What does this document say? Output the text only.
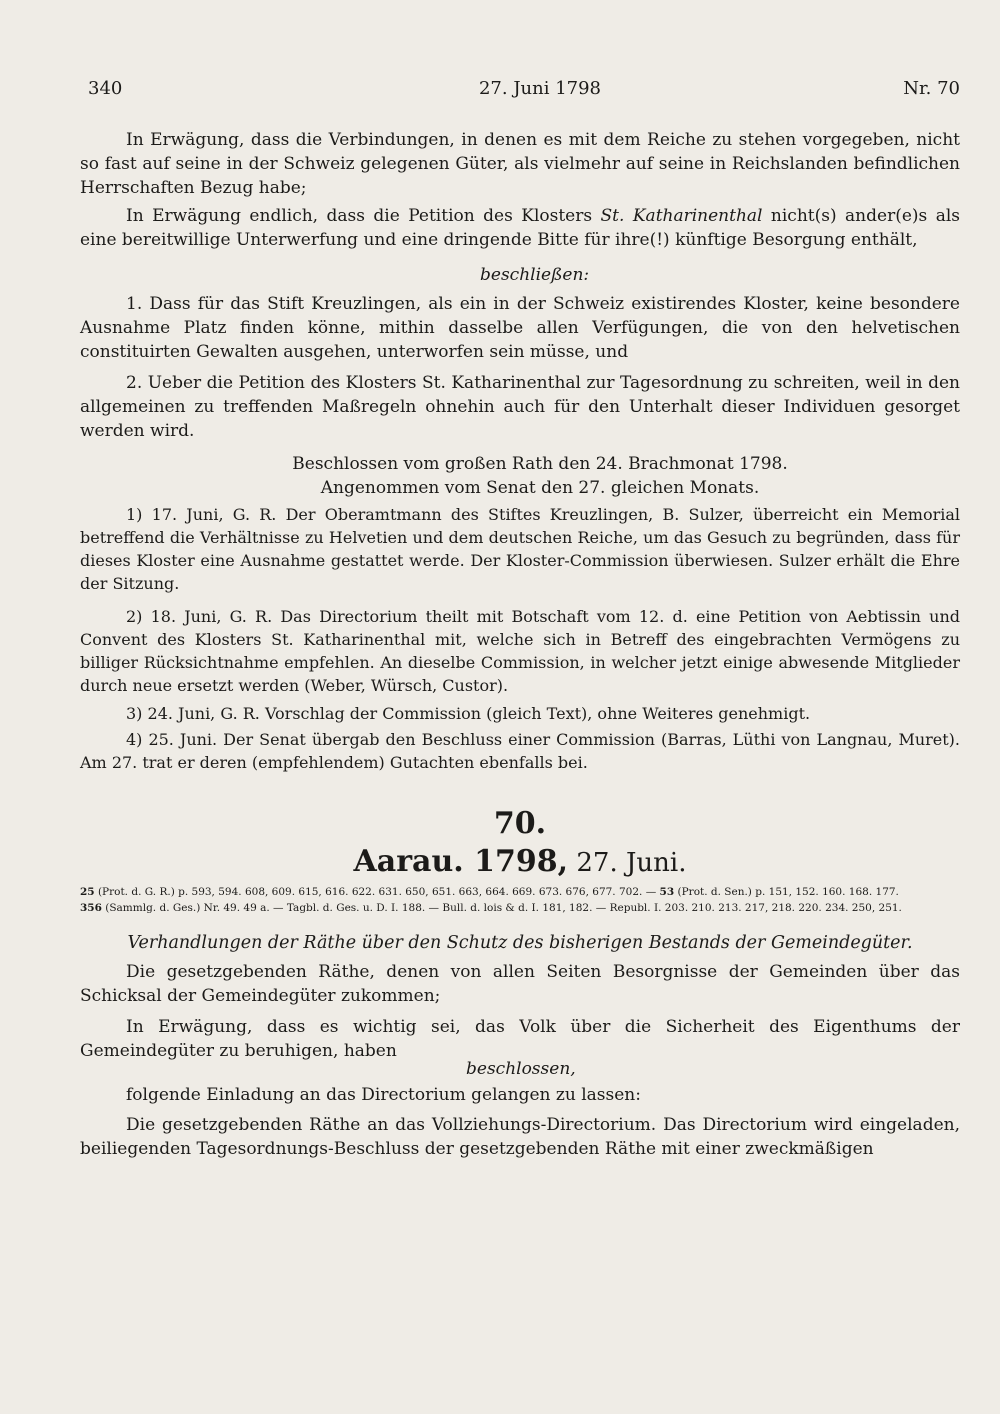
340	27. Juni 1798	Nr. 70
In Erwägung, dass die Verbindungen, in denen es mit dem Reiche zu stehen vorgegeben, nicht so fast auf seine in der Schweiz gelegenen Güter, als vielmehr auf seine in Reichslanden befindlichen Herrschaften Bezug habe;
In Erwägung endlich, dass die Petition des Klosters St. Katharinenthal nicht(s) ander(e)s als eine bereitwillige Unterwerfung und eine dringende Bitte für ihre(!) künftige Besorgung enthält,
beschließen:
1. Dass für das Stift Kreuzlingen, als ein in der Schweiz existirendes Kloster, keine besondere Ausnahme Platz finden könne, mithin dasselbe allen Verfügungen, die von den helvetischen constituirten Gewalten ausgehen, unterworfen sein müsse, und
2. Ueber die Petition des Klosters St. Katharinenthal zur Tagesordnung zu schreiten, weil in den allgemeinen zu treffenden Maßregeln ohnehin auch für den Unterhalt dieser Individuen gesorget werden wird.
Beschlossen vom großen Rath den 24. Brachmonat 1798.
Angenommen vom Senat den 27. gleichen Monats.
1) 17. Juni, G. R. Der Oberamtmann des Stiftes Kreuzlingen, B. Sulzer, überreicht ein Memorial betreffend die Verhältnisse zu Helvetien und dem deutschen Reiche, um das Gesuch zu begründen, dass für dieses Kloster eine Ausnahme gestattet werde. Der Kloster-Commission überwiesen. Sulzer erhält die Ehre der Sitzung.
2) 18. Juni, G. R. Das Directorium theilt mit Botschaft vom 12. d. eine Petition von Aebtissin und Convent des Klosters St. Katharinenthal mit, welche sich in Betreff des eingebrachten Vermögens zu billiger Rücksichtnahme empfehlen. An dieselbe Commission, in welcher jetzt einige abwesende Mitglieder durch neue ersetzt werden (Weber, Würsch, Custor).
3) 24. Juni, G. R. Vorschlag der Commission (gleich Text), ohne Weiteres genehmigt.
4) 25. Juni. Der Senat übergab den Beschluss einer Commission (Barras, Lüthi von Langnau, Muret). Am 27. trat er deren (empfehlendem) Gutachten ebenfalls bei.
70.
Aarau. 1798, 27. Juni.
25 (Prot. d. G. R.) p. 593, 594. 608, 609. 615, 616. 622. 631. 650, 651. 663, 664. 669. 673. 676, 677. 702. — 53 (Prot. d. Sen.) p. 151, 152. 160. 168. 177.
356 (Sammlg. d. Ges.) Nr. 49. 49 a. — Tagbl. d. Ges. u. D. I. 188. — Bull. d. lois & d. I. 181, 182. — Republ. I. 203. 210. 213. 217, 218. 220. 234. 250, 251.
Verhandlungen der Räthe über den Schutz des bisherigen Bestands der Gemeindegüter.
Die gesetzgebenden Räthe, denen von allen Seiten Besorgnisse der Gemeinden über das Schicksal der Gemeindegüter zukommen;
In Erwägung, dass es wichtig sei, das Volk über die Sicherheit des Eigenthums der Gemeindegüter zu beruhigen, haben
beschlossen,
folgende Einladung an das Directorium gelangen zu lassen:
Die gesetzgebenden Räthe an das Vollziehungs-Directorium. Das Directorium wird eingeladen, beiliegenden Tagesordnungs-Beschluss der gesetzgebenden Räthe mit einer zweckmäßigen
